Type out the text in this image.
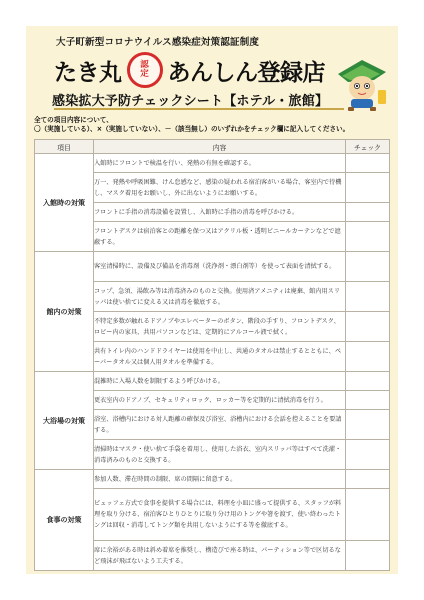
大子町新型コロナウイルス感染症対策認証制度
たき丸 認
定 あんしん登録店
感染拡大予防チェックシート【ホテル・旅館】
全ての項目内容について、
〇（実施している）、×（実施していない）、－（該当無し）のいずれかをチェック欄に記入してください。
項目	内容	チェック
入館時の対策	入館時にフロントで検温を行い、発熱の有無を確認する。	
	万一、発熱や呼吸困難、けん怠感など、感染の疑われる宿泊客がいる場合、客室内で待機し、マスク着用をお願いし、外に出ないようにお願いする。	
	フロントに手指の消毒設備を設置し、入館時に手指の消毒を呼びかける。	
	フロントデスクは宿泊客との距離を保つ又はアクリル板・透明ビニールカーテンなどで遮蔽する。	
館内の対策	客室清掃時に、設備及び備品を消毒剤（洗浄剤・漂白剤等）を使って表面を清拭する。	
	コップ、急須、湯飲み等は消毒済みのものと交換。使用済アメニティは廃棄、館内用スリッパは使い捨てに変える又は消毒を徹底する。	
	不特定多数が触れるドアノブやエレベーターのボタン、階段の手すり、フロントデスク、ロビー内の家具、共用パソコンなどは、定期的にアルコール液で拭く。	
	共有トイレ内のハンドドライヤーは使用を中止し、共通のタオルは禁止するとともに、ペーパータオル又は個人用タオルを準備する。	
大浴場の対策	混雑時に入場人数を制限するよう呼びかける。	
	更衣室内のドアノブ、セキュリティロック、ロッカー等を定期的に清拭消毒を行う。	
	浴室、浴槽内における対人距離の確保及び浴室、浴槽内における会話を控えることを要請する。	
	清掃時はマスク・使い捨て手袋を着用し、使用した浴衣、室内スリッパ等はすべて洗濯・消毒済みのものと交換する。	
食事の対策	参加人数、滞在時間の制限、席の間隔に留意する。	
	ビュッフェ方式で食事を提供する場合には、料理を小皿に盛って提供する、スタッフが料理を取り分ける、宿泊客ひとりひとりに取り分け用のトングや箸を渡す、使い終わったトングは回収・消毒してトング類を共用しないようにする等を徹底する。	
	席に余裕がある時は斜め着席を推奨し、構造びで座る時は、パーティション等で区切るなど飛沫が飛ばないよう工夫する。	
